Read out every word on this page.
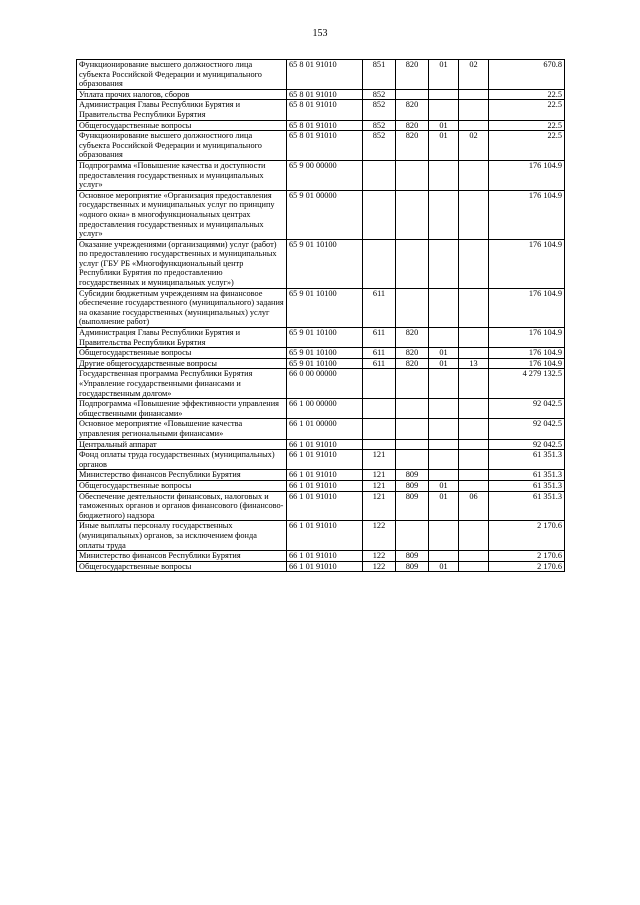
153
Функционирование высшего должностного лица субъекта Российской Федерации и муниципального образования	65 8 01 91010	851	820	01	02	670.8
Уплата прочих налогов, сборов	65 8 01 91010	852				22.5
Администрация Главы Республики Бурятия и Правительства Республики Бурятия	65 8 01 91010	852	820			22.5
Общегосударственные вопросы	65 8 01 91010	852	820	01		22.5
Функционирование высшего должностного лица субъекта Российской Федерации и муниципального образования	65 8 01 91010	852	820	01	02	22.5
Подпрограмма «Повышение качества и доступности предоставления государственных и муниципальных услуг»	65 9 00 00000					176 104.9
Основное мероприятие «Организация предоставления государственных и муниципальных услуг по принципу «одного окна» в многофункциональных центрах предоставления государственных и муниципальных услуг»	65 9 01 00000					176 104.9
Оказание учреждениями (организациями) услуг (работ) по предоставлению государственных и муниципальных услуг (ГБУ РБ «Многофункциональный центр Республики Бурятия по предоставлению государственных и муниципальных услуг»)	65 9 01 10100					176 104.9
Субсидии бюджетным учреждениям на финансовое обеспечение государственного (муниципального) задания на оказание государственных (муниципальных) услуг (выполнение работ)	65 9 01 10100	611				176 104.9
Администрация Главы Республики Бурятия и Правительства Республики Бурятия	65 9 01 10100	611	820			176 104.9
Общегосударственные вопросы	65 9 01 10100	611	820	01		176 104.9
Другие общегосударственные вопросы	65 9 01 10100	611	820	01	13	176 104.9
Государственная программа Республики Бурятия «Управление государственными финансами и государственным долгом»	66 0 00 00000					4 279 132.5
Подпрограмма «Повышение эффективности управления общественными финансами»	66 1 00 00000					92 042.5
Основное мероприятие «Повышение качества управления региональными финансами»	66 1 01 00000					92 042.5
Центральный аппарат	66 1 01 91010					92 042.5
Фонд оплаты труда государственных (муниципальных) органов	66 1 01 91010	121				61 351.3
Министерство финансов Республики Бурятия	66 1 01 91010	121	809			61 351.3
Общегосударственные вопросы	66 1 01 91010	121	809	01		61 351.3
Обеспечение деятельности финансовых, налоговых и таможенных органов и органов финансового (финансово-бюджетного) надзора	66 1 01 91010	121	809	01	06	61 351.3
Иные выплаты персоналу государственных (муниципальных) органов, за исключением фонда оплаты труда	66 1 01 91010	122				2 170.6
Министерство финансов Республики Бурятия	66 1 01 91010	122	809			2 170.6
Общегосударственные вопросы	66 1 01 91010	122	809	01		2 170.6
